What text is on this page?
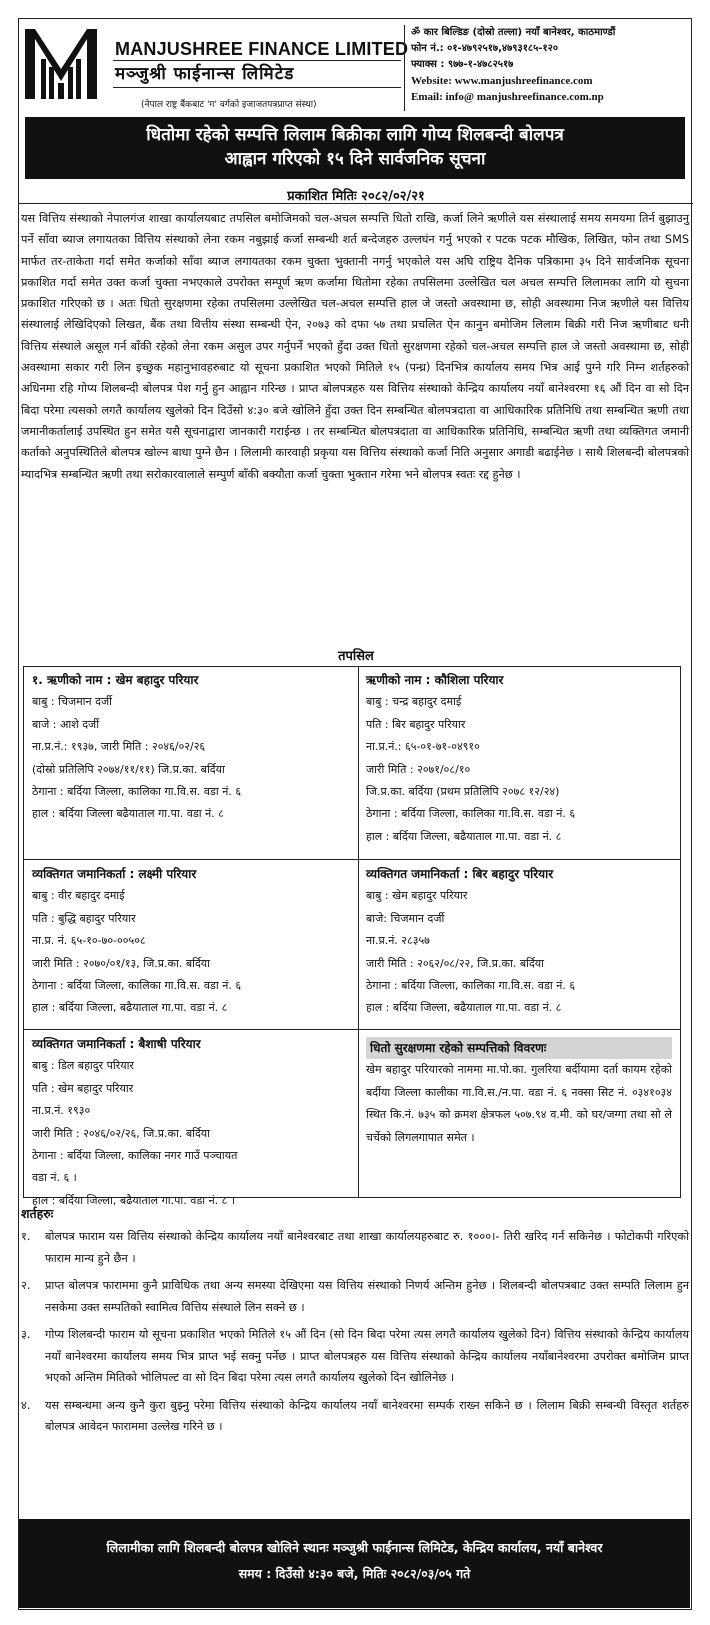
MANJUSHREE FINANCE LIMITED
मञ्जुश्री फाईनान्स लिमिटेड
(नेपाल राष्ट्र बैंकबाट 'ग' वर्गको इजाजतपत्रप्राप्त संस्था)
ॐ कार बिल्डिङ (दोस्रो तल्ला) नयाँ बानेश्वर, काठमाण्डौं
फोन नं.: ०१-४७९२५१७,४७९३१८५-१२०
फ्याक्स : ९७७-१-४७८२५१७
Website: www.manjushreefinance.com
Email: info@ manjushreefinance.com.np
धितोमा रहेको सम्पत्ति लिलाम बिक्रीका लागि गोप्य शिलबन्दी बोलपत्र
आह्वान गरिएको १५ दिने सार्वजनिक सूचना
प्रकाशित मितिः २०८२/०२/२१
यस वित्तिय संस्थाको नेपालगंज शाखा कार्यालयबाट तपसिल बमोजिमको चल-अचल सम्पत्ति धितो राखि, कर्जा लिने ऋणीले यस संस्थालाई समय समयमा तिर्न बुझाउनु पर्ने साँवा ब्याज लगायतका वित्तिय संस्थाको लेना रकम नबुझाई कर्जा सम्बन्धी शर्त बन्देजहरु उल्लघंन गर्नु भएको र पटक पटक मौखिक, लिखित, फोन तथा SMS मार्फत तर-ताकेता गर्दा समेत कर्जाको साँवा ब्याज लगायतका रकम चुक्ता भुक्तानी नगर्नु भएकोले यस अघि राष्ट्रिय दैनिक पत्रिकामा ३५ दिने सार्वजनिक सूचना प्रकाशित गर्दा समेत उक्त कर्जा चुक्ता नभएकाले उपरोक्त सम्पूर्ण ऋण कर्जामा धितोमा रहेका तपसिलमा उल्लेखित चल अचल सम्पत्ति लिलामका लागि यो सुचना प्रकाशित गरिएको छ । अतः धितो सुरक्षणमा रहेका तपसिलमा उल्लेखित चल-अचल सम्पत्ति हाल जे जस्तो अवस्थामा छ, सोही अवस्थामा निज ऋणीले यस वित्तिय संस्थालाई लेखिदिएको लिखत, बैंक तथा वित्तीय संस्था सम्बन्धी ऐन, २०७३ को दफा ५७ तथा प्रचलित ऐन कानुन बमोजिम लिलाम बिक्री गरी निज ऋणीबाट धनी वित्तिय संस्थाले असूल गर्न बाँकी रहेको लेना रकम असुल उपर गर्नुपर्ने भएको हुँदा उक्त धितो सुरक्षणमा रहेको चल-अचल सम्पत्ति हाल जे जस्तो अवस्थामा छ, सोही अवस्थामा सकार गरी लिन इच्छुक महानुभावहरुबाट यो सूचना प्रकाशित भएको मितिले १५ (पन्ध्र) दिनभित्र कार्यालय समय भित्र आई पुग्ने गरि निम्न शर्तहरुको अधिनमा रहि गोप्य शिलबन्दी बोलपत्र पेश गर्नु हुन आह्वान गरिन्छ । प्राप्त बोलपत्रहरु यस वित्तिय संस्थाको केन्द्रिय कार्यालय नयाँ बानेश्वरमा १६ औं दिन वा सो दिन बिदा परेमा त्यसको लगतै कार्यालय खुलेको दिन दिउँसो ४:३० बजे खोलिने हुँदा उक्त दिन सम्बन्धित बोलपत्रदाता वा आधिकारिक प्रतिनिधि तथा सम्बन्धित ऋणी तथा जमानीकर्तालाई उपस्थित हुन समेत यसै सूचनाद्वारा जानकारी गराईन्छ । तर सम्बन्धित बोलपत्रदाता वा आधिकारिक प्रतिनिधि, सम्बन्धित ऋणी तथा व्यक्तिगत जमानी कर्ताको अनुपस्थितिले बोलपत्र खोल्न बाधा पुग्ने छैन । लिलामी कारवाही प्रकृया यस वित्तिय संस्थाको कर्जा निति अनुसार अगाडी बढाईनेछ । साथै शिलबन्दी बोलपत्रको म्यादभित्र सम्बन्धित ऋणी तथा सरोकारवालाले सम्पुर्ण बाँकी बक्यौता कर्जा चुक्ता भुक्तान गरेमा भने बोलपत्र स्वतः रद्द हुनेछ ।
तपसिल

१. ऋणीको नाम : खेम बहादुर परियार

बाबु : चिजमान दर्जी

बाजे : आशे दर्जी

ना.प्र.नं.: १९३७, जारी मिति : २०४६/०२/२६

(दोस्रो प्रतिलिपि २०७४/११/११) जि.प्र.का. बर्दिया

ठेगाना : बर्दिया जिल्ला, कालिका गा.वि.स. वडा नं. ६

हाल : बर्दिया जिल्ला बढैयाताल गा.पा. वडा नं. ८

ऋणीको नाम : कौशिला परियार

बाबु : चन्द्र बहादुर दमाई

पति : बिर बहादुर परियार

ना.प्र.नं.: ६५-०१-७१-०४९१०

जारी मिति : २०७१/०८/१०

जि.प्र.का. बर्दिया (प्रथम प्रतिलिपि २०७८ १२/२४)

ठेगाना : बर्दिया जिल्ला, कालिका गा.वि.स. वडा नं. ६

हाल : बर्दिया जिल्ला, बढैयाताल गा.पा. वडा नं. ८

व्यक्तिगत जमानिकर्ता : लक्ष्मी परियार

बाबु : वीर बहादुर दमाई

पति : बुद्धि बहादुर परियार

ना.प्र. नं. ६५-१०-७०-००५०८

जारी मिति : २०७०/०१/१३, जि.प्र.का. बर्दिया

ठेगाना : बर्दिया जिल्ला, कालिका गा.वि.स. वडा नं. ६

हाल : बर्दिया जिल्ला, बढैयाताल गा.पा. वडा नं. ८

व्यक्तिगत जमानिकर्ता : बिर बहादुर परियार

बाबु : खेम बहादुर परियार

बाजे: चिजमान दर्जी

ना.प्र.नं. २८३५७

जारी मिति : २०६२/०८/२२, जि.प्र.का. बर्दिया

ठेगाना : बर्दिया जिल्ला, कालिका गा.वि.स. वडा नं. ६

हाल : बर्दिया जिल्ला, बढैयाताल गा.पा. वडा नं. ८

व्यक्तिगत जमानिकर्ता : बैशाषी परियार

बाबु : डिल बहादुर परियार

पति : खेम बहादुर परियार

ना.प्र.नं. १९३०

जारी मिति : २०४६/०२/२६, जि.प्र.का. बर्दिया

ठेगाना : बर्दिया जिल्ला, कालिका नगर गाउँ पञ्चायत

वडा नं. ६ ।

हाल : बर्दिया जिल्ला, बढैयाताल गा.पा. वडा नं. ८ ।

धितो सुरक्षणमा रहेको सम्पत्तिको विवरणः
खेम बहादुर परियारको नाममा मा.पो.का. गुलरिया बर्दीयामा दर्ता कायम रहेको बर्दीया जिल्ला कालीका गा.वि.स./न.पा. वडा नं. ६ नक्सा सिट नं. ०३४१०३४ स्थित कि.नं. ७३५ को क्रमश क्षेत्रफल ५०७.९४ व.मी. को घर/जग्गा तथा सो ले चर्चेको लिगलगापात समेत ।
शर्तहरुः
१. बोलपत्र फाराम यस वित्तिय संस्थाको केन्द्रिय कार्यालय नयाँ बानेश्वरबाट तथा शाखा कार्यालयहरुबाट रु. १०००।- तिरी खरिद गर्न सकिनेछ । फोटोकपी गरिएको फाराम मान्य हुने छैन ।
२. प्राप्त बोलपत्र फाराममा कुनै प्राविधिक तथा अन्य समस्या देखिएमा यस वित्तिय संस्थाको निणर्य अन्तिम हुनेछ । शिलबन्दी बोलपत्रबाट उक्त सम्पति लिलाम हुन नसकेमा उक्त सम्पतिको स्वामित्व वित्तिय संस्थाले लिन सक्ने छ ।
३. गोप्य शिलबन्दी फाराम यो सूचना प्रकाशित भएको मितिले १५ औं दिन (सो दिन बिदा परेमा त्यस लगतै कार्यालय खुलेको दिन) वित्तिय संस्थाको केन्द्रिय कार्यालय नयाँ बानेश्वरमा कार्यालय समय भित्र प्राप्त भई सक्नु पर्नेछ । प्राप्त बोलपत्रहरु यस वित्तिय संस्थाको केन्द्रिय कार्यालय नयाँबानेश्वरमा उपरोक्त बमोजिम प्राप्त भएको अन्तिम मितिको भोलिपल्ट वा सो दिन बिदा परेमा त्यस लगतै कार्यालय खुलेको दिन खोलिनेछ ।
४. यस सम्बन्धमा अन्य कुनै कुरा बुझ्नु परेमा वित्तिय संस्थाको केन्द्रिय कार्यालय नयाँ बानेश्वरमा सम्पर्क राख्न सकिने छ । लिलाम बिक्री सम्बन्धी विस्तृत शर्तहरु बोलपत्र आवेदन फाराममा उल्लेख गरिने छ ।
लिलामीका लागि शिलबन्दी बोलपत्र खोलिने स्थानः मञ्जुश्री फाईनान्स लिमिटेड, केन्द्रिय कार्यालय, नयाँ बानेश्वर
समय : दिउँसो ४:३० बजे, मितिः २०८२/०३/०५ गते
